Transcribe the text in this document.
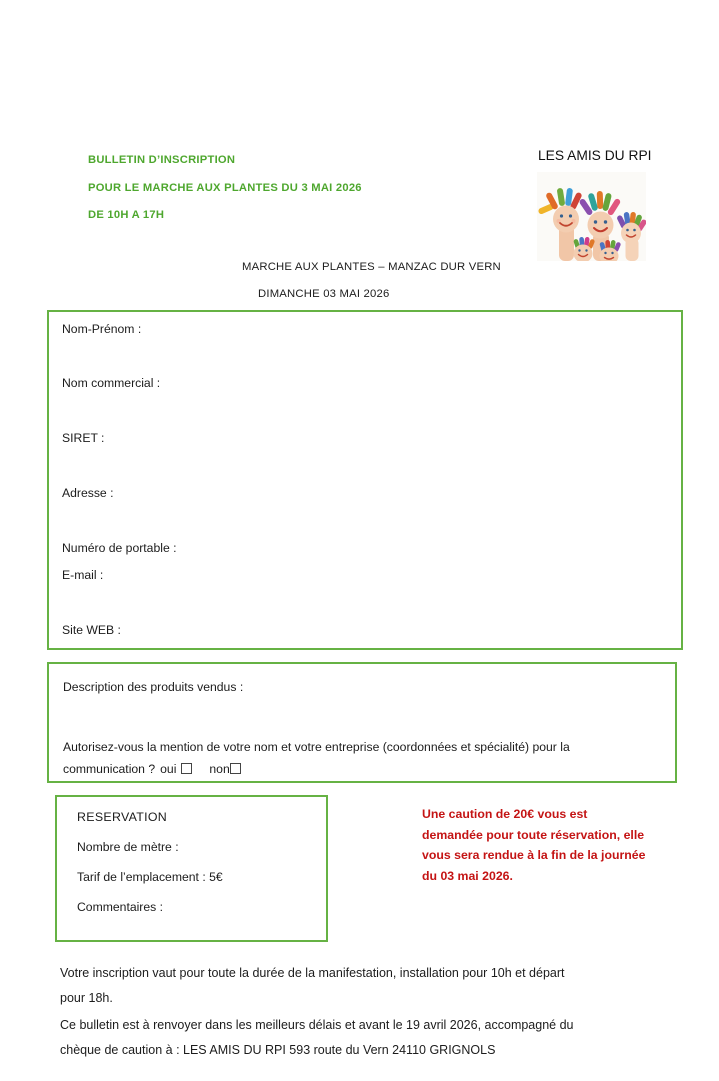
BULLETIN D’INSCRIPTION
POUR LE MARCHE AUX PLANTES DU 3 MAI 2026
DE 10H A 17H
LES AMIS DU RPI
MARCHE AUX PLANTES – MANZAC DUR VERN
DIMANCHE 03 MAI 2026
Nom-Prénom :
Nom commercial :
SIRET :
Adresse :
Numéro de portable :
E-mail :
Site WEB :
Description des produits vendus :
Autorisez-vous la mention de votre nom et votre entreprise (coordonnées et spécialité) pour la
communication ? oui	non
RESERVATION
Nombre de mètre :
Tarif de l’emplacement : 5€
Commentaires :
Une caution de 20€ vous est
demandée pour toute réservation, elle
vous sera rendue à la fin de la journée
du 03 mai 2026.
Votre inscription vaut pour toute la durée de la manifestation, installation pour 10h et départ
pour 18h.
Ce bulletin est à renvoyer dans les meilleurs délais et avant le 19 avril 2026, accompagné du
chèque de caution à : LES AMIS DU RPI 593 route du Vern 24110 GRIGNOLS
